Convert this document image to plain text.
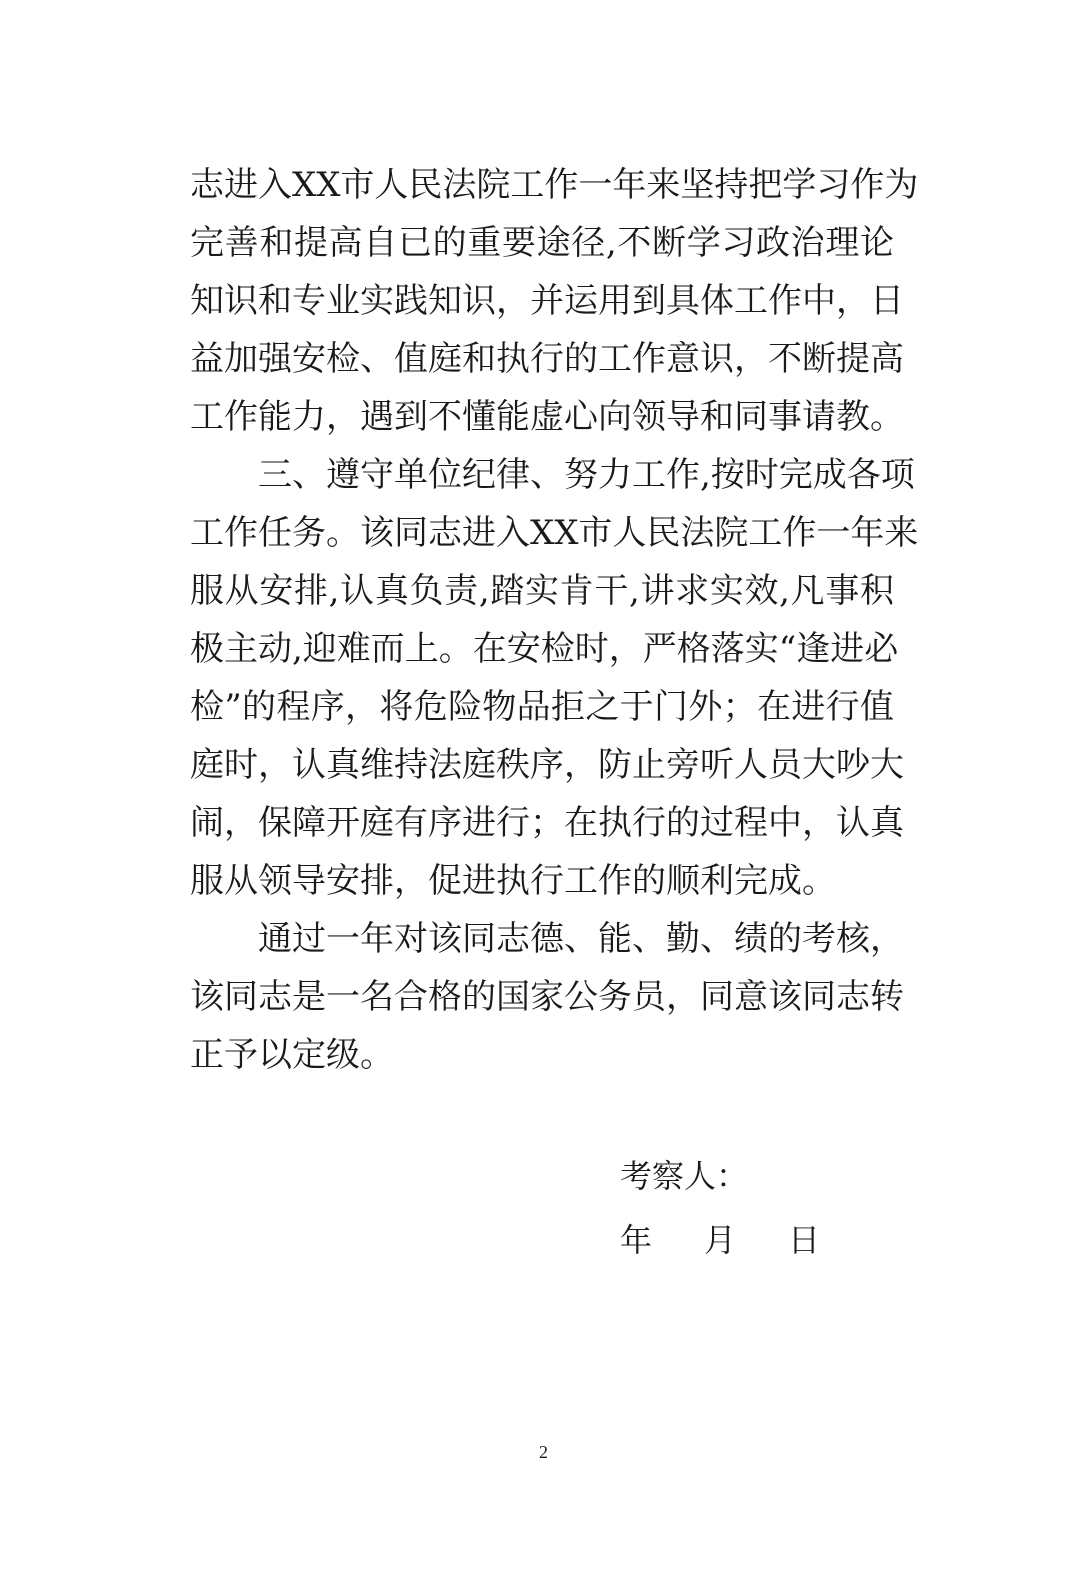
志进入XX市人民法院工作一年来坚持把学习作为
完善和提高自已的重要途径,不断学习政治理论
知识和专业实践知识，并运用到具体工作中，日
益加强安检、值庭和执行的工作意识，不断提高
工作能力，遇到不懂能虚心向领导和同事请教。
三、遵守单位纪律、努力工作,按时完成各项
工作任务。该同志进入XX市人民法院工作一年来
服从安排,认真负责,踏实肯干,讲求实效,凡事积
极主动,迎难而上。在安检时，严格落实“逢进必
检”的程序，将危险物品拒之于门外；在进行值
庭时，认真维持法庭秩序，防止旁听人员大吵大
闹，保障开庭有序进行；在执行的过程中，认真
服从领导安排，促进执行工作的顺利完成。
通过一年对该同志德、能、勤、绩的考核，
该同志是一名合格的国家公务员，同意该同志转
正予以定级。
考察人：
年 月 日
2
